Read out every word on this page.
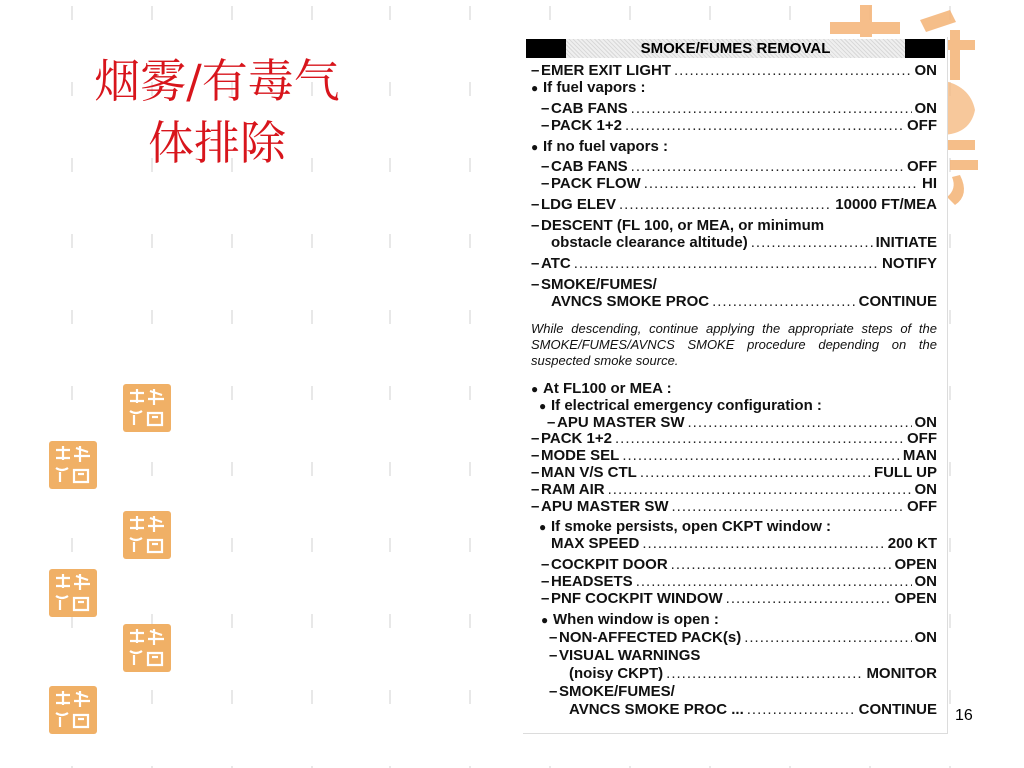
烟雾/有毒气
体排除
SMOKE/FUMES REMOVAL
– EMER EXIT LIGHT .....	ON
● If fuel vapors :
– CAB FANS .....	ON
– PACK 1+2 .....	OFF
● If no fuel vapors :
– CAB FANS .....	OFF
– PACK FLOW .....	HI
– LDG ELEV .....	10000 FT/MEA
– DESCENT (FL 100, or MEA, or minimum
obstacle clearance altitude) .....	INITIATE
– ATC .....	NOTIFY
– SMOKE/FUMES/
AVNCS SMOKE PROC .....	CONTINUE
● At FL100 or MEA :
● If electrical emergency configuration :
– APU MASTER SW .....	ON
– PACK 1+2 .....	OFF
– MODE SEL .....	MAN
– MAN V/S CTL .....	FULL UP
– RAM AIR .....	ON
– APU MASTER SW .....	OFF
● If smoke persists, open CKPT window :
MAX SPEED .....	200 KT
– COCKPIT DOOR .....	OPEN
– HEADSETS .....	ON
– PNF COCKPIT WINDOW .....	OPEN
● When window is open :
– NON-AFFECTED PACK(s) .....	ON
– VISUAL WARNINGS
(noisy CKPT) .....	MONITOR
– SMOKE/FUMES/
AVNCS SMOKE PROC ... .....	CONTINUE
While descending, continue applying the appropriate steps of the SMOKE/FUMES/AVNCS SMOKE procedure depending on the suspected smoke source.
16
